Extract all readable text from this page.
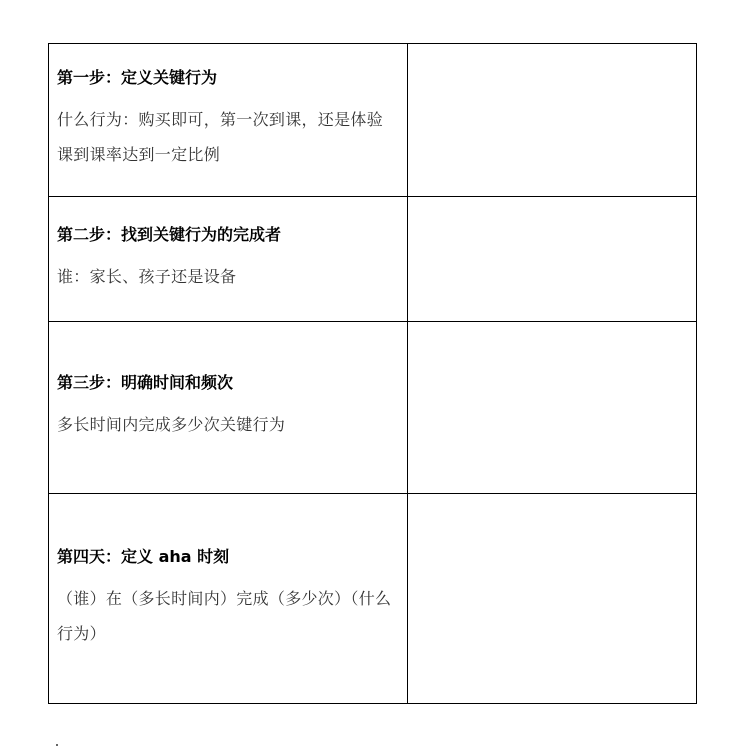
第一步：定义关键行为

什么行为：购买即可，第一次到课，还是体验课到课率达到一定比例	

第二步：找到关键行为的完成者

谁：家长、孩子还是设备	

第三步：明确时间和频次

多长时间内完成多少次关键行为	

第四天：定义 aha 时刻

（谁）在（多长时间内）完成（多少次）（什么行为）	
